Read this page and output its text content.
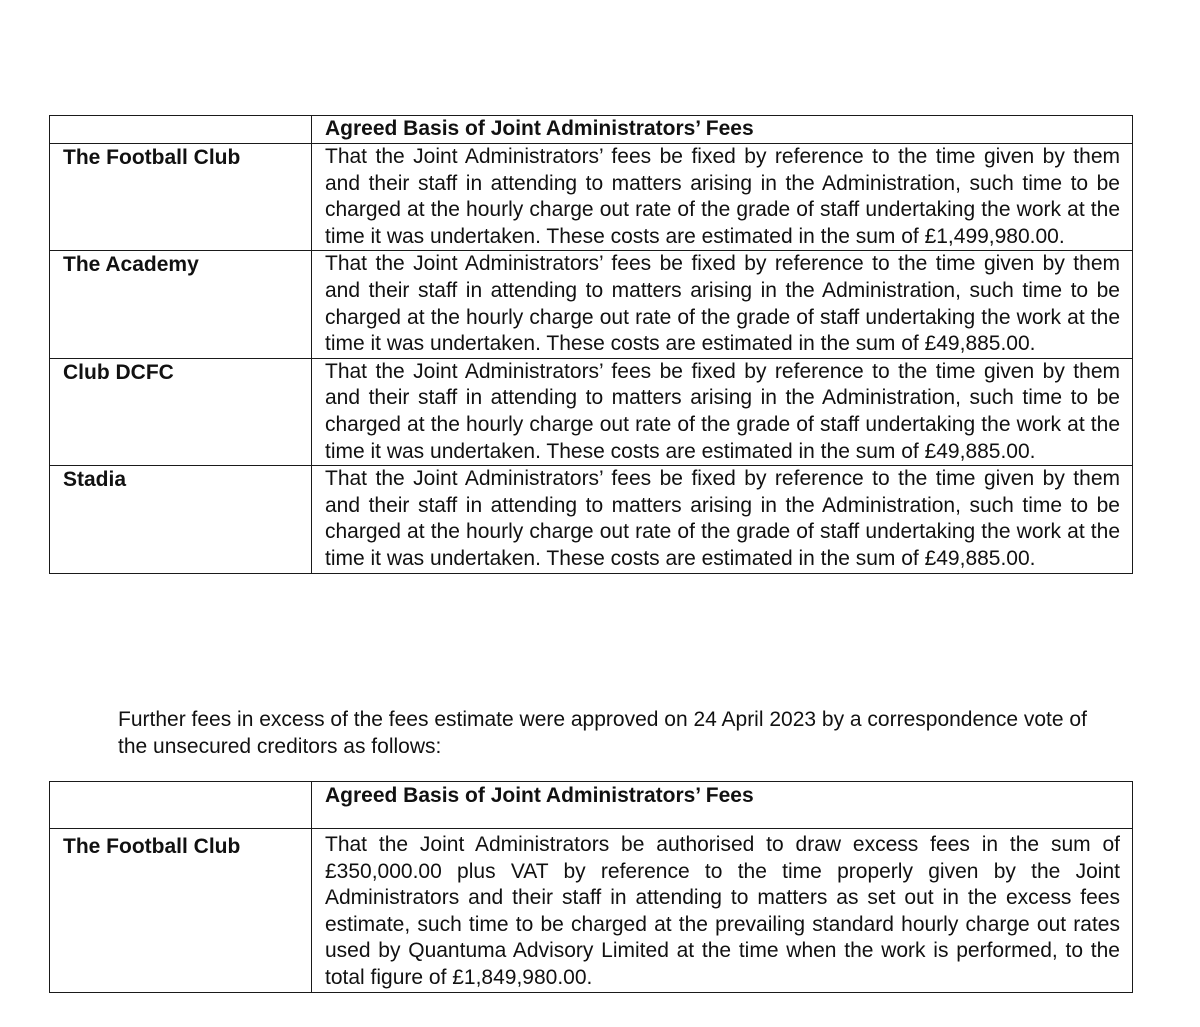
	Agreed Basis of Joint Administrators’ Fees
The Football Club	That the Joint Administrators’ fees be fixed by reference to the time given by them and their staff in attending to matters arising in the Administration, such time to be charged at the hourly charge out rate of the grade of staff undertaking the work at the time it was undertaken. These costs are estimated in the sum of £1,499,980.00.
The Academy	That the Joint Administrators’ fees be fixed by reference to the time given by them and their staff in attending to matters arising in the Administration, such time to be charged at the hourly charge out rate of the grade of staff undertaking the work at the time it was undertaken. These costs are estimated in the sum of £49,885.00.
Club DCFC	That the Joint Administrators’ fees be fixed by reference to the time given by them and their staff in attending to matters arising in the Administration, such time to be charged at the hourly charge out rate of the grade of staff undertaking the work at the time it was undertaken. These costs are estimated in the sum of £49,885.00.
Stadia	That the Joint Administrators’ fees be fixed by reference to the time given by them and their staff in attending to matters arising in the Administration, such time to be charged at the hourly charge out rate of the grade of staff undertaking the work at the time it was undertaken. These costs are estimated in the sum of £49,885.00.

Further fees in excess of the fees estimate were approved on 24 April 2023 by a correspondence vote of the unsecured creditors as follows:

	Agreed Basis of Joint Administrators’ Fees
The Football Club	That the Joint Administrators be authorised to draw excess fees in the sum of £350,000.00 plus VAT by reference to the time properly given by the Joint Administrators and their staff in attending to matters as set out in the excess fees estimate, such time to be charged at the prevailing standard hourly charge out rates used by Quantuma Advisory Limited at the time when the work is performed, to the total figure of £1,849,980.00.
